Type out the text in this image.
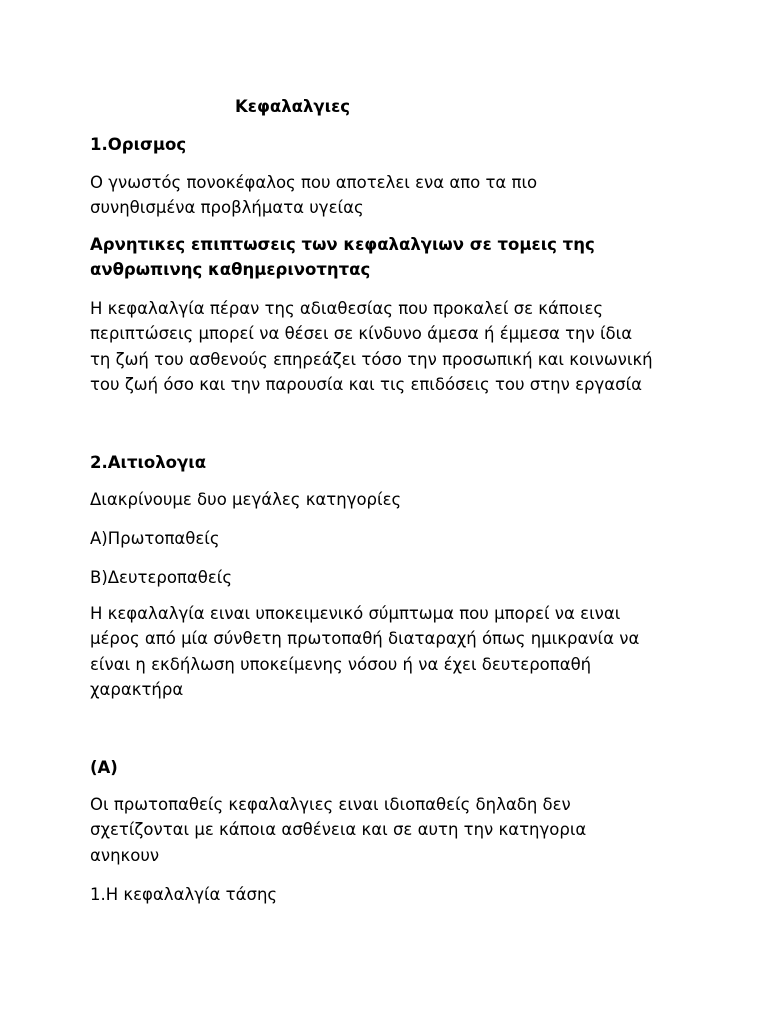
Κεφαλαλγιες
1.Ορισμος
Ο γνωστός πονοκέφαλος που αποτελει ενα απο τα πιο
συνηθισμένα προβλήματα υγείας
Αρνητικες επιπτωσεις των κεφαλαλγιων σε τομεις της
ανθρωπινης καθημερινοτητας
Η κεφαλαλγία πέραν της αδιαθεσίας που προκαλεί σε κάποιες
περιπτώσεις μπορεί να θέσει σε κίνδυνο άμεσα ή έμμεσα την ίδια
τη ζωή του ασθενούς επηρεάζει τόσο την προσωπική και κοινωνική
του ζωή όσο και την παρουσία και τις επιδόσεις του στην εργασία
2.Αιτιολογια
Διακρίνουμε δυο μεγάλες κατηγορίες
Α)Πρωτοπαθείς
Β)Δευτεροπαθείς
Η κεφαλαλγία ειναι υποκειμενικό σύμπτωμα που μπορεί να ειναι
μέρος από μία σύνθετη πρωτοπαθή διαταραχή όπως ημικρανία να
είναι η εκδήλωση υποκείμενης νόσου ή να έχει δευτεροπαθή
χαρακτήρα
(Α)
Οι πρωτοπαθείς κεφαλαλγιες ειναι ιδιοπαθείς δηλαδη δεν
σχετίζονται με κάποια ασθένεια και σε αυτη την κατηγορια
ανηκουν
1.Η κεφαλαλγία τάσης
